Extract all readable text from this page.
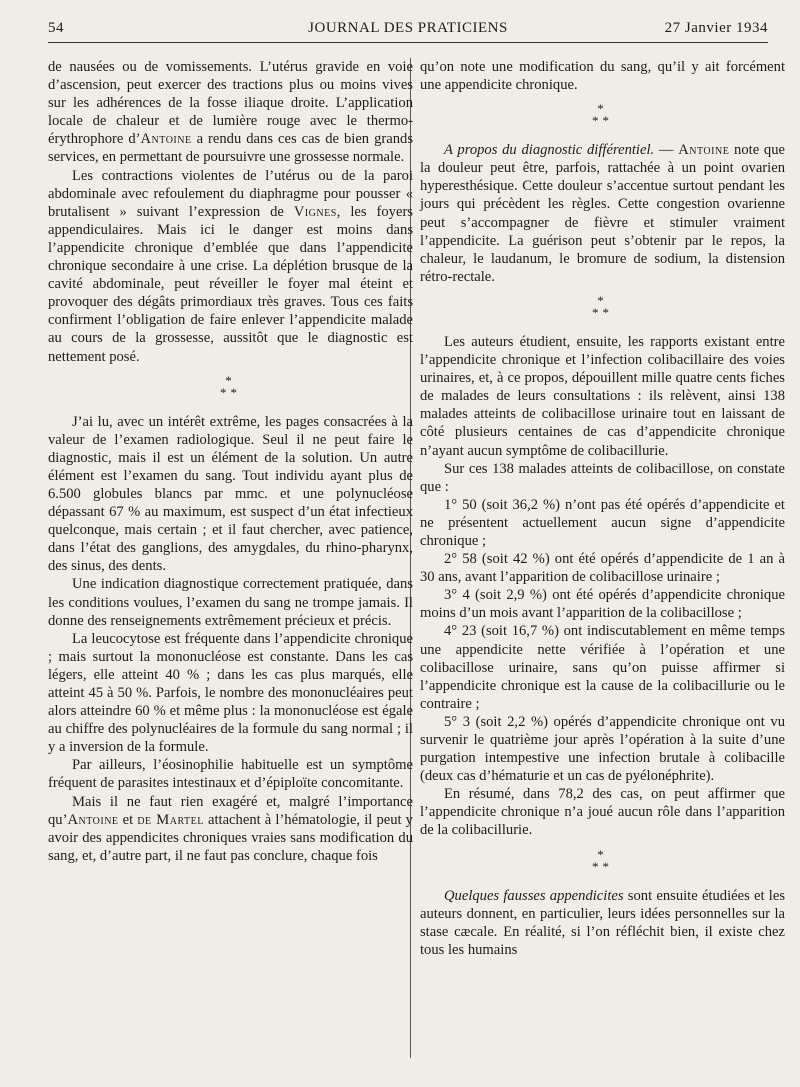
54	JOURNAL DES PRATICIENS	27 Janvier 1934

de nausées ou de vomissements. L’utérus gravide en voie d’ascension, peut exercer des tractions plus ou moins vives sur les adhérences de la fosse iliaque droite. L’application locale de chaleur et de lumière rouge avec le thermo-érythrophore d’Antoine a rendu dans ces cas de bien grands services, en permettant de poursuivre une grossesse normale.

Les contractions violentes de l’utérus ou de la paroi abdominale avec refoulement du diaphragme pour pousser « brutalisent » suivant l’expression de Vignes, les foyers appendiculaires. Mais ici le danger est moins dans l’appendicite chronique d’emblée que dans l’appendicite chronique secondaire à une crise. La déplétion brusque de la cavité abdominale, peut réveiller le foyer mal éteint et provoquer des dégâts primordiaux très graves. Tous ces faits confirment l’obligation de faire enlever l’appendicite malade au cours de la grossesse, aussitôt que le diagnostic est nettement posé.

*
**

J’ai lu, avec un intérêt extrême, les pages consacrées à la valeur de l’examen radiologique. Seul il ne peut faire le diagnostic, mais il est un élément de la solution. Un autre élément est l’examen du sang. Tout individu ayant plus de 6.500 globules blancs par mmc. et une polynucléose dépassant 67 % au maximum, est suspect d’un état infectieux quelconque, mais certain ; et il faut chercher, avec patience, dans l’état des ganglions, des amygdales, du rhino-pharynx, des sinus, des dents.

Une indication diagnostique correctement pratiquée, dans les conditions voulues, l’examen du sang ne trompe jamais. Il donne des renseignements extrêmement précieux et précis.

La leucocytose est fréquente dans l’appendicite chronique ; mais surtout la mononucléose est constante. Dans les cas légers, elle atteint 40 % ; dans les cas plus marqués, elle atteint 45 à 50 %. Parfois, le nombre des mononucléaires peut alors atteindre 60 % et même plus : la mononucléose est égale au chiffre des polynucléaires de la formule du sang normal ; il y a inversion de la formule.

Par ailleurs, l’éosinophilie habituelle est un symptôme fréquent de parasites intestinaux et d’épiploïte concomitante.

Mais il ne faut rien exagéré et, malgré l’importance qu’Antoine et de Martel attachent à l’hématologie, il peut y avoir des appendicites chroniques vraies sans modification du sang, et, d’autre part, il ne faut pas conclure, chaque fois

qu’on note une modification du sang, qu’il y ait forcément une appendicite chronique.

*
**

A propos du diagnostic différentiel. — Antoine note que la douleur peut être, parfois, rattachée à un point ovarien hyperesthésique. Cette douleur s’accentue surtout pendant les jours qui précèdent les règles. Cette congestion ovarienne peut s’accompagner de fièvre et stimuler vraiment l’appendicite. La guérison peut s’obtenir par le repos, la chaleur, le laudanum, le bromure de sodium, la distension rétro-rectale.

*
**

Les auteurs étudient, ensuite, les rapports existant entre l’appendicite chronique et l’infection colibacillaire des voies urinaires, et, à ce propos, dépouillent mille quatre cents fiches de malades de leurs consultations : ils relèvent, ainsi 138 malades atteints de colibacillose urinaire tout en laissant de côté plusieurs centaines de cas d’appendicite chronique n’ayant aucun symptôme de colibacillurie.

Sur ces 138 malades atteints de colibacillose, on constate que :

1° 50 (soit 36,2 %) n’ont pas été opérés d’appendicite et ne présentent actuellement aucun signe d’appendicite chronique ;

2° 58 (soit 42 %) ont été opérés d’appendicite de 1 an à 30 ans, avant l’apparition de colibacillose urinaire ;

3° 4 (soit 2,9 %) ont été opérés d’appendicite chronique moins d’un mois avant l’apparition de la colibacillose ;

4° 23 (soit 16,7 %) ont indiscutablement en même temps une appendicite nette vérifiée à l’opération et une colibacillose urinaire, sans qu’on puisse affirmer si l’appendicite chronique est la cause de la colibacillurie ou le contraire ;

5° 3 (soit 2,2 %) opérés d’appendicite chronique ont vu survenir le quatrième jour après l’opération à la suite d’une purgation intempestive une infection brutale à colibacille (deux cas d’hématurie et un cas de pyélonéphrite).

En résumé, dans 78,2 des cas, on peut affirmer que l’appendicite chronique n’a joué aucun rôle dans l’apparition de la colibacillurie.

*
**

Quelques fausses appendicites sont ensuite étudiées et les auteurs donnent, en particulier, leurs idées personnelles sur la stase cæcale. En réalité, si l’on réfléchit bien, il existe chez tous les humains
